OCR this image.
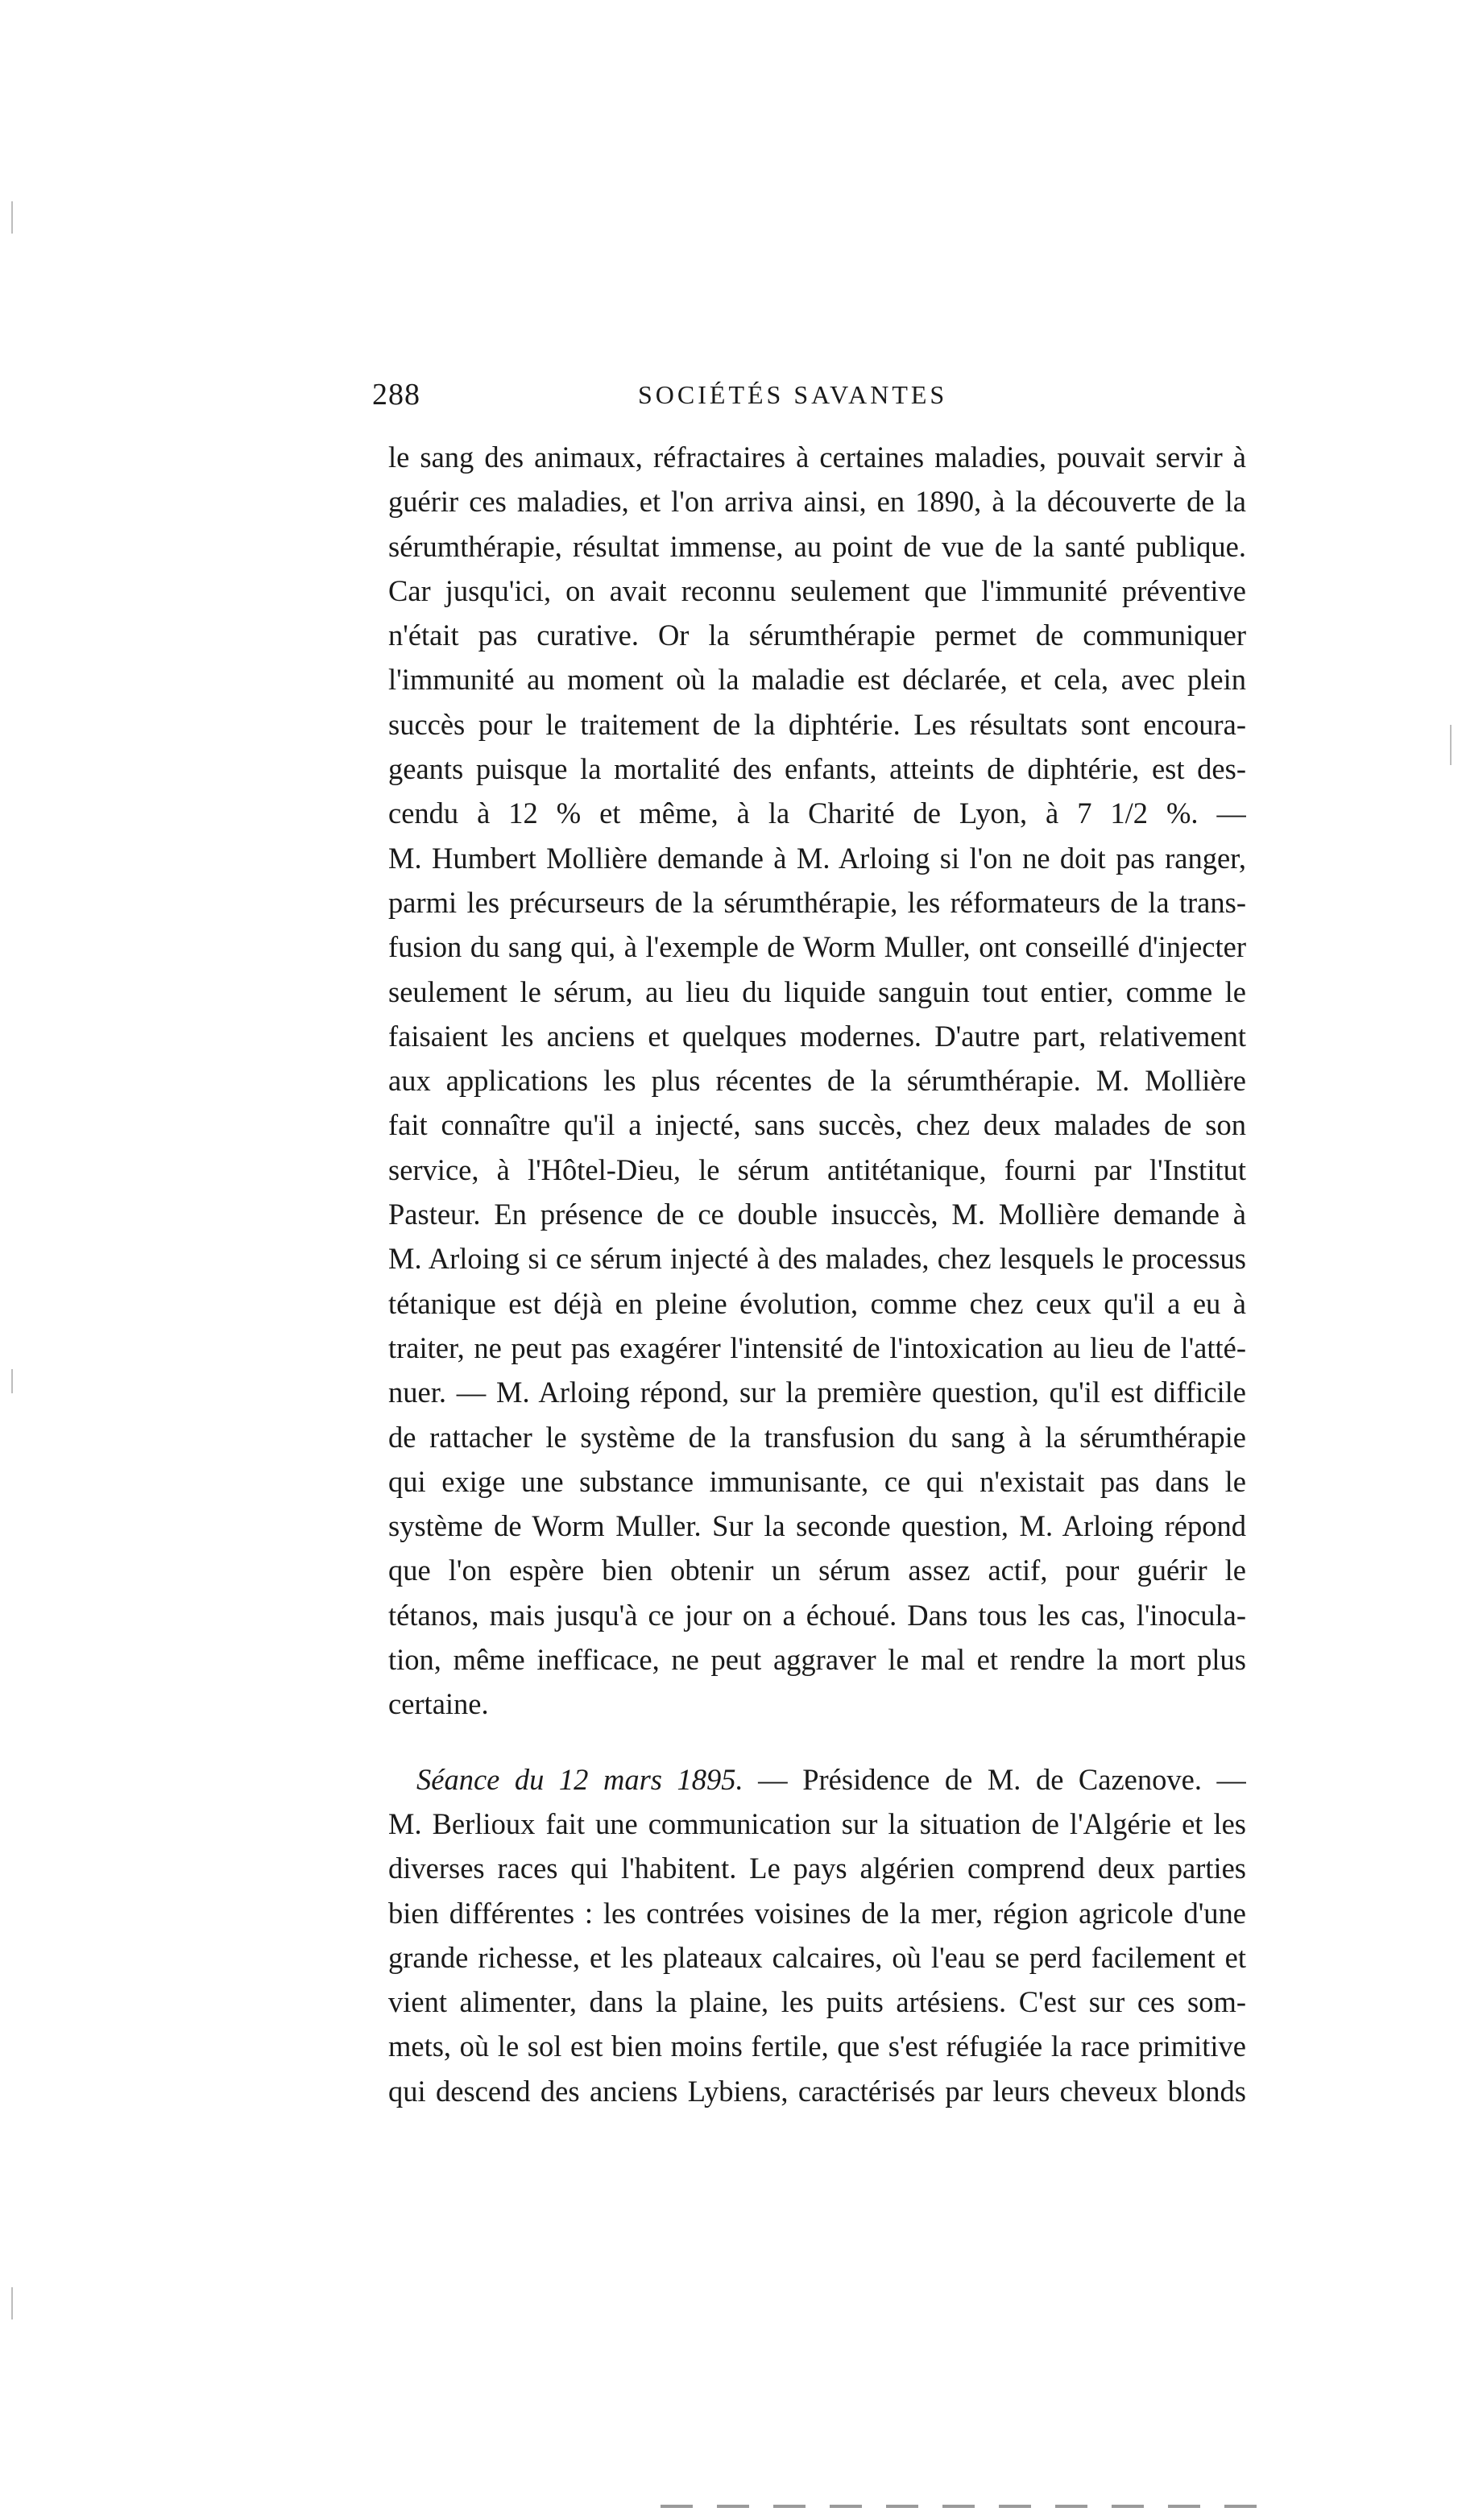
288	SOCIÉTÉS SAVANTES
le sang des animaux, réfractaires à certaines maladies, pouvait servir à
guérir ces maladies, et l'on arriva ainsi, en 1890, à la découverte de la
sérumthérapie, résultat immense, au point de vue de la santé publique.
Car jusqu'ici, on avait reconnu seulement que l'immunité préventive
n'était pas curative. Or la sérumthérapie permet de communiquer
l'immunité au moment où la maladie est déclarée, et cela, avec plein
succès pour le traitement de la diphtérie. Les résultats sont encoura-
geants puisque la mortalité des enfants, atteints de diphtérie, est des-
cendu à 12 % et même, à la Charité de Lyon, à 7 1/2 %. —
M. Humbert Mollière demande à M. Arloing si l'on ne doit pas ranger,
parmi les précurseurs de la sérumthérapie, les réformateurs de la trans-
fusion du sang qui, à l'exemple de Worm Muller, ont conseillé d'injecter
seulement le sérum, au lieu du liquide sanguin tout entier, comme le
faisaient les anciens et quelques modernes. D'autre part, relativement
aux applications les plus récentes de la sérumthérapie. M. Mollière
fait connaître qu'il a injecté, sans succès, chez deux malades de son
service, à l'Hôtel-Dieu, le sérum antitétanique, fourni par l'Institut
Pasteur. En présence de ce double insuccès, M. Mollière demande à
M. Arloing si ce sérum injecté à des malades, chez lesquels le processus
tétanique est déjà en pleine évolution, comme chez ceux qu'il a eu à
traiter, ne peut pas exagérer l'intensité de l'intoxication au lieu de l'atté-
nuer. — M. Arloing répond, sur la première question, qu'il est difficile
de rattacher le système de la transfusion du sang à la sérumthérapie
qui exige une substance immunisante, ce qui n'existait pas dans le
système de Worm Muller. Sur la seconde question, M. Arloing répond
que l'on espère bien obtenir un sérum assez actif, pour guérir le
tétanos, mais jusqu'à ce jour on a échoué. Dans tous les cas, l'inocula-
tion, même inefficace, ne peut aggraver le mal et rendre la mort plus
certaine.
Séance du 12 mars 1895. — Présidence de M. de Cazenove. —
M. Berlioux fait une communication sur la situation de l'Algérie et les
diverses races qui l'habitent. Le pays algérien comprend deux parties
bien différentes : les contrées voisines de la mer, région agricole d'une
grande richesse, et les plateaux calcaires, où l'eau se perd facilement et
vient alimenter, dans la plaine, les puits artésiens. C'est sur ces som-
mets, où le sol est bien moins fertile, que s'est réfugiée la race primitive
qui descend des anciens Lybiens, caractérisés par leurs cheveux blonds
